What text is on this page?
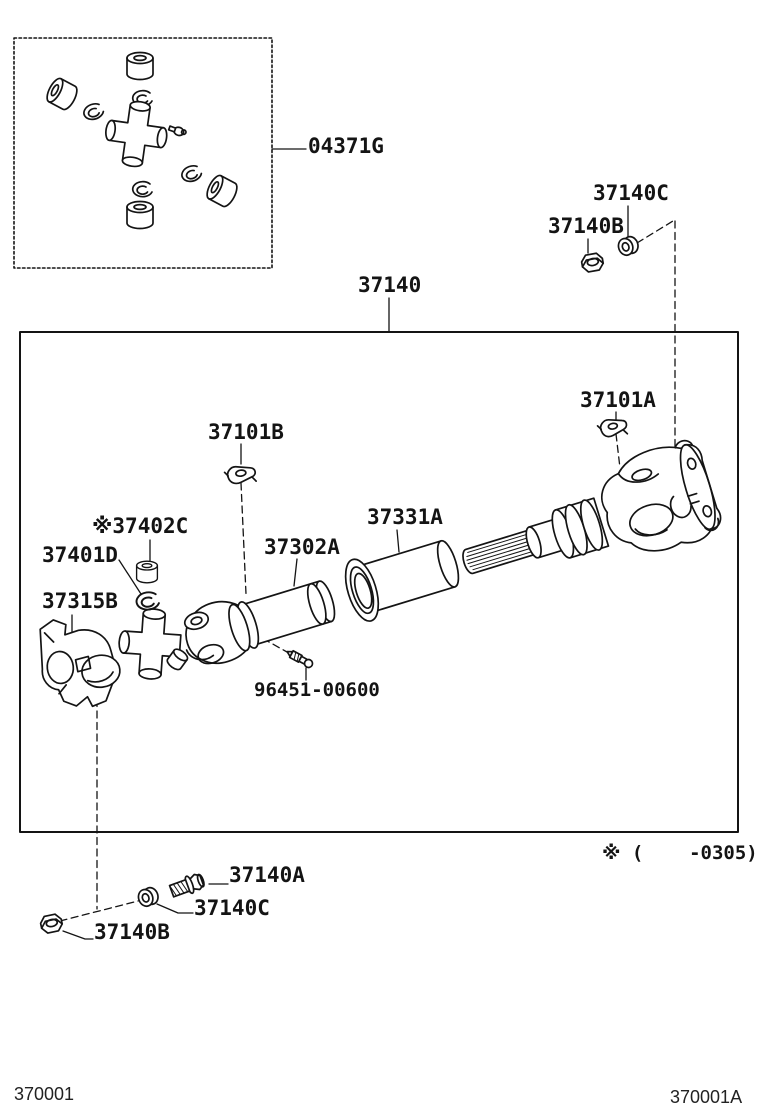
04371G
37140
37140C
37140B
37101A
37101B
※37402C
37401D
37331A
37302A
37315B
96451-00600
37140A
37140C
37140B
※ (    -0305)
370001	370001A
